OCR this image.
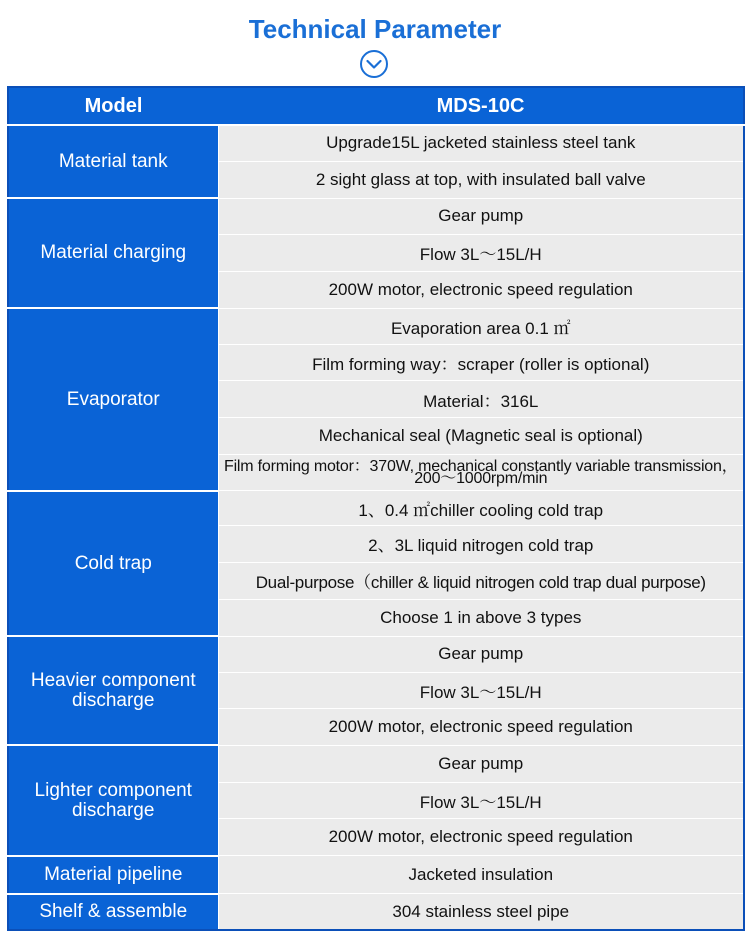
Technical Parameter
Model	MDS-10C
Material tank	Upgrade15L jacketed stainless steel tank
	2 sight glass at top, with insulated ball valve
Material charging	Gear pump
	Flow 3L～15L/H
	200W motor, electronic speed regulation
Evaporator	Evaporation area 0.1 ㎡
	Film forming way：scraper (roller is optional)
	Material：316L
	Mechanical seal (Magnetic seal is optional)
	Film forming motor：370W, mechanical constantly variable transmission，200～1000rpm/min
Cold trap	1、0.4 ㎡chiller cooling cold trap
	2、3L liquid nitrogen cold trap
	Dual-purpose（chiller & liquid nitrogen cold trap dual purpose)
	Choose 1 in above 3 types
Heavier component discharge	Gear pump
	Flow 3L～15L/H
	200W motor, electronic speed regulation
Lighter component discharge	Gear pump
	Flow 3L～15L/H
	200W motor, electronic speed regulation
Material pipeline	Jacketed insulation
Shelf & assemble	304 stainless steel pipe
